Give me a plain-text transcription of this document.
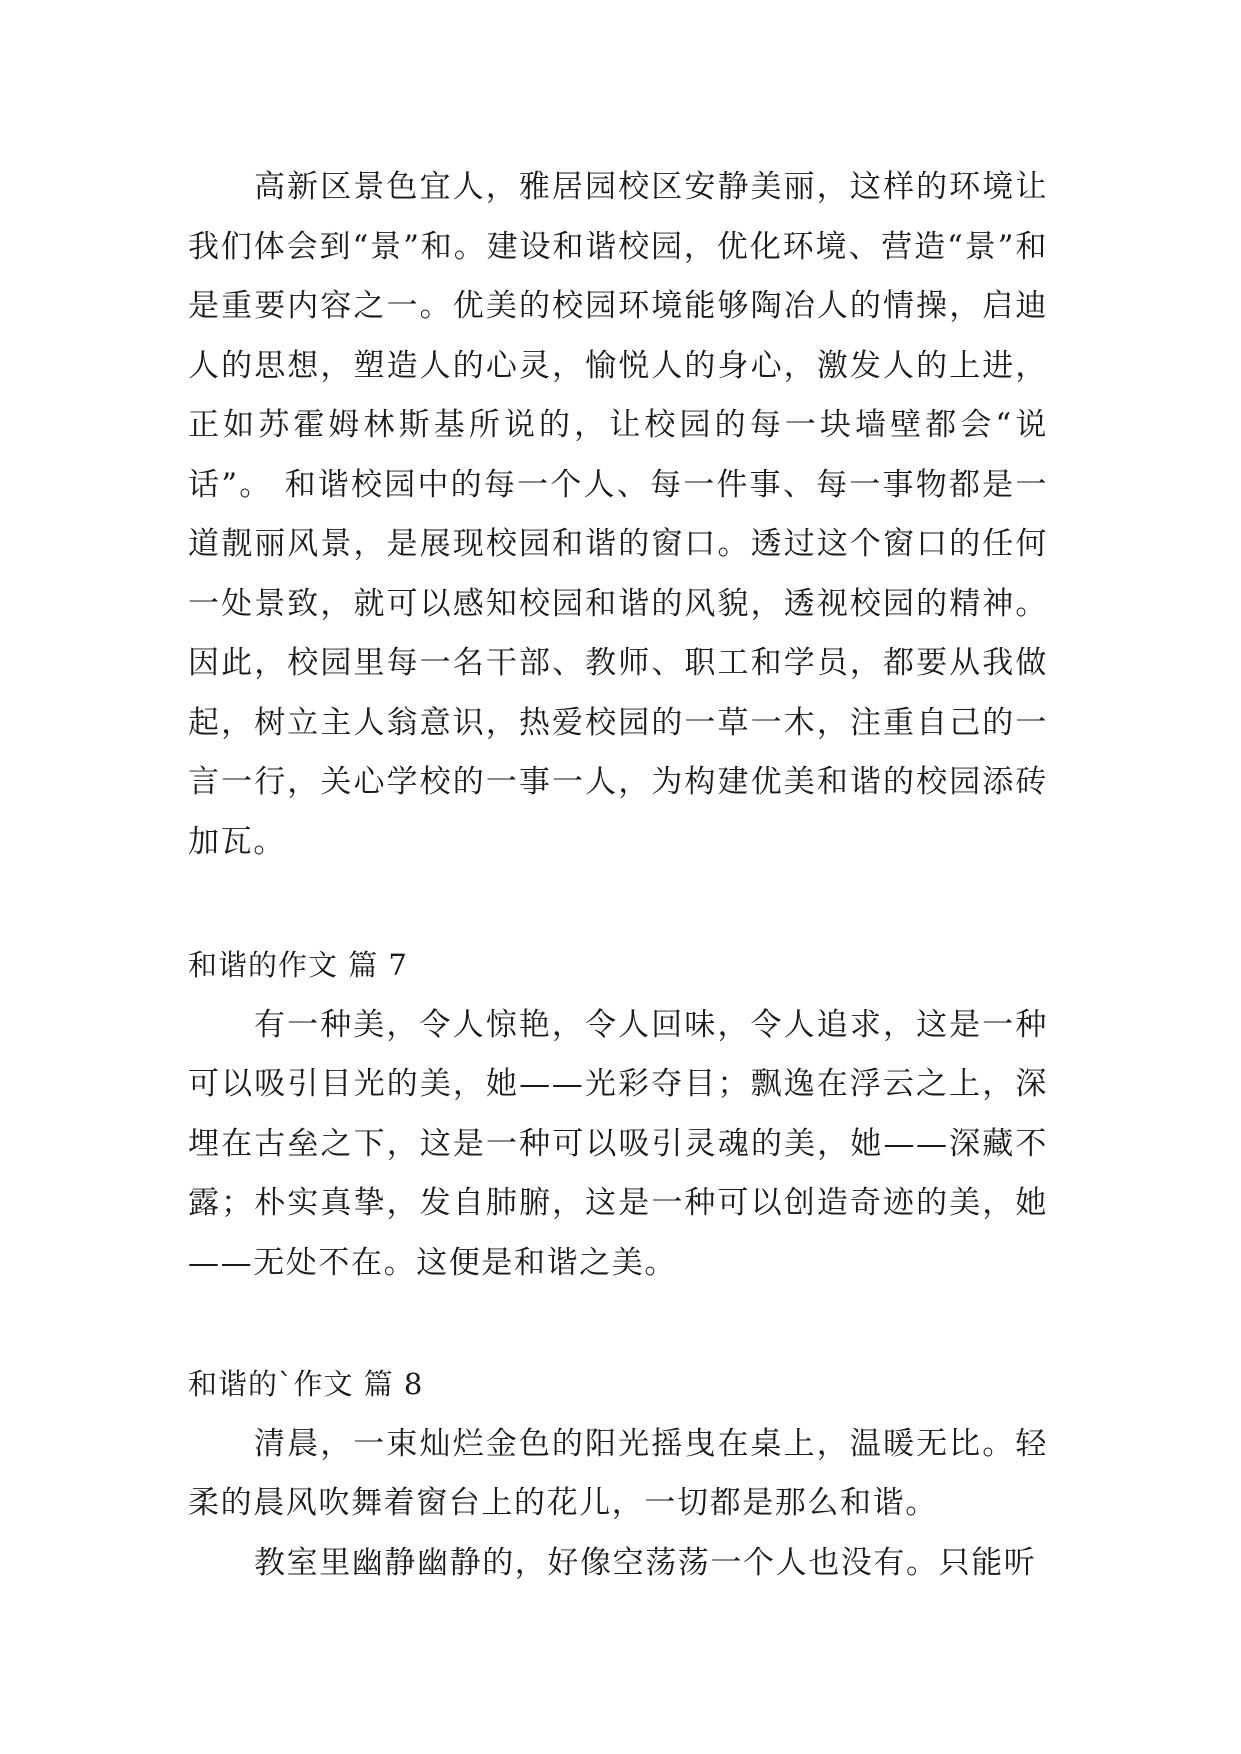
高新区景色宜人，雅居园校区安静美丽，这样的环境让我们体会到“景”和。建设和谐校园，优化环境、营造“景”和是重要内容之一。优美的校园环境能够陶冶人的情操，启迪人的思想，塑造人的心灵，愉悦人的身心，激发人的上进，正如苏霍姆林斯基所说的，让校园的每一块墙壁都会“说话”。 和谐校园中的每一个人、每一件事、每一事物都是一道靓丽风景，是展现校园和谐的窗口。透过这个窗口的任何一处景致，就可以感知校园和谐的风貌，透视校园的精神。因此，校园里每一名干部、教师、职工和学员，都要从我做起，树立主人翁意识，热爱校园的一草一木，注重自己的一言一行，关心学校的一事一人，为构建优美和谐的校园添砖加瓦。

和谐的作文 篇 7

有一种美，令人惊艳，令人回味，令人追求，这是一种可以吸引目光的美，她——光彩夺目；飘逸在浮云之上，深埋在古垒之下，这是一种可以吸引灵魂的美，她——深藏不露；朴实真挚，发自肺腑，这是一种可以创造奇迹的美，她——无处不在。这便是和谐之美。

和谐的`作文 篇 8

清晨，一束灿烂金色的阳光摇曳在桌上，温暖无比。轻柔的晨风吹舞着窗台上的花儿，一切都是那么和谐。

教室里幽静幽静的，好像空荡荡一个人也没有。只能听
